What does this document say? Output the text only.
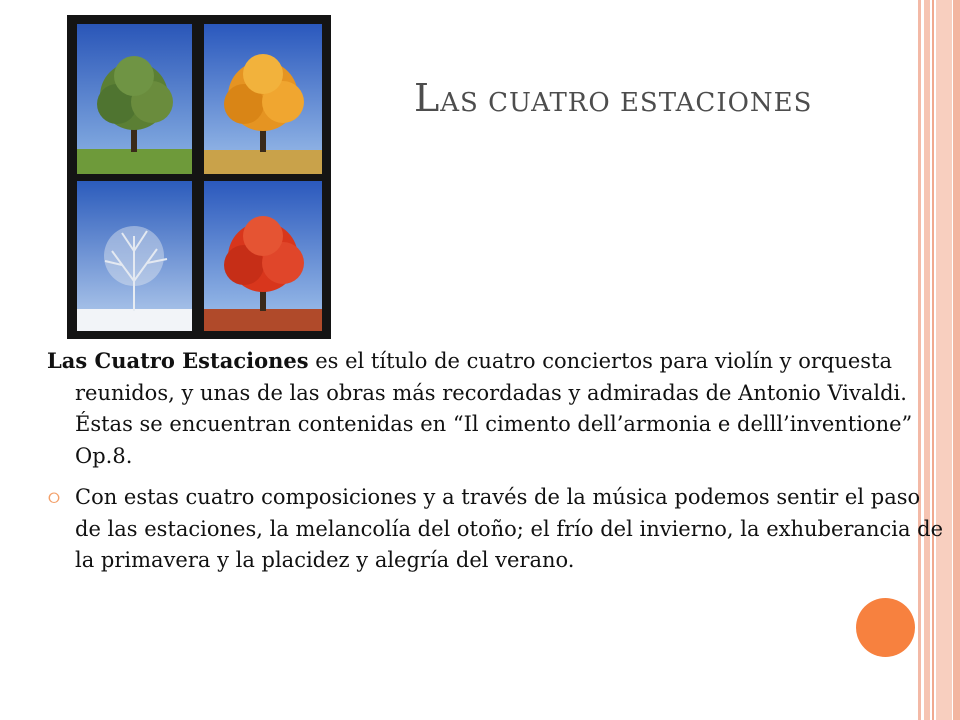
LAS CUATRO ESTACIONES

Las Cuatro Estaciones es el título de cuatro conciertos para violín y orquesta reunidos, y unas de las obras más recordadas y admiradas de Antonio Vivaldi. Éstas se encuentran contenidas en “Il cimento dell’armonia e delll’inventione” Op.8.

⭘ Con estas cuatro composiciones y a través de la música podemos sentir el paso de las estaciones, la melancolía del otoño; el frío del invierno, la exhuberancia de la primavera y la placidez y alegría del verano.
